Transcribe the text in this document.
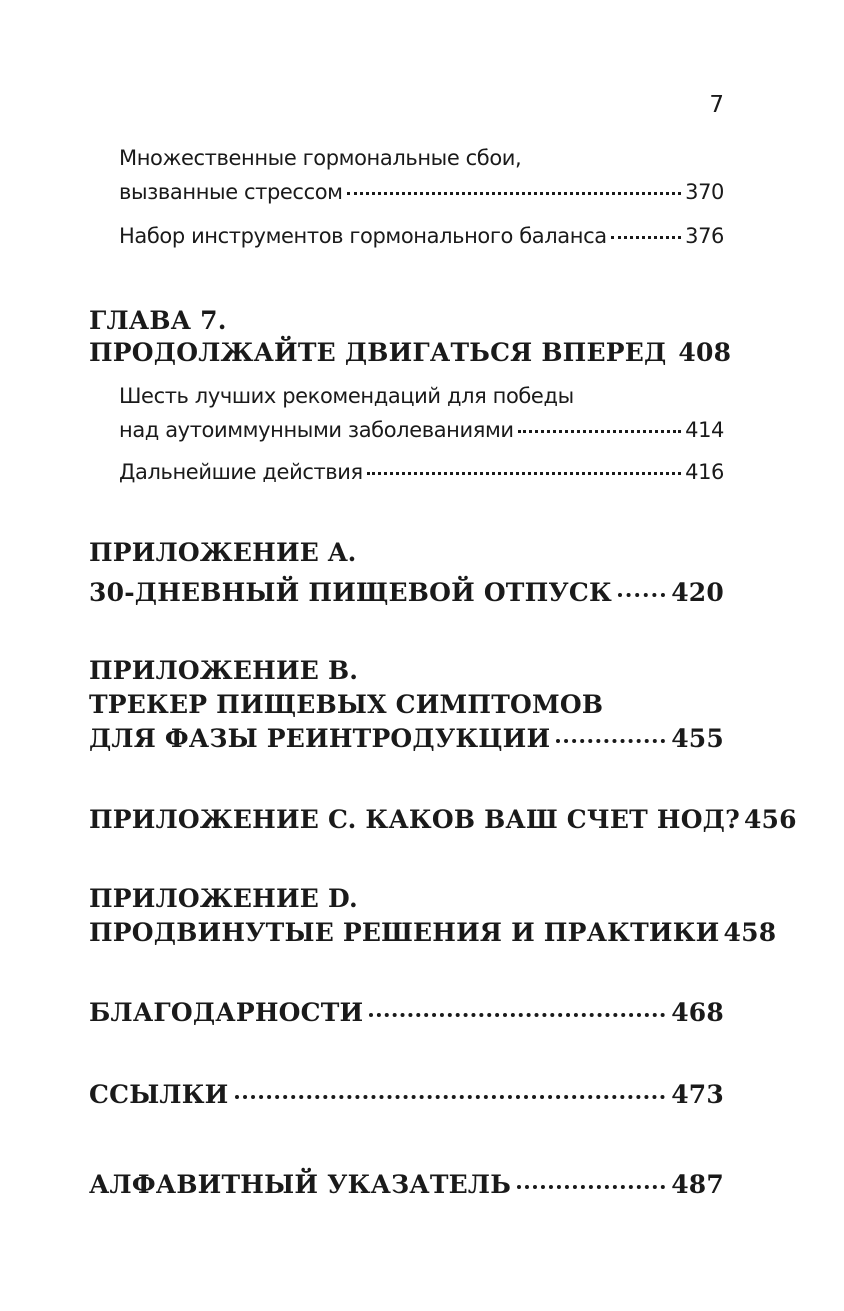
7
Множественные гормональные сбои,
вызванные стрессом	370
Набор инструментов гормонального баланса	376
ГЛАВА 7.
ПРОДОЛЖАЙТЕ ДВИГАТЬСЯ ВПЕРЕД 408
Шесть лучших рекомендаций для победы
над аутоиммунными заболеваниями	414
Дальнейшие действия	416
ПРИЛОЖЕНИЕ A.
30-ДНЕВНЫЙ ПИЩЕВОЙ ОТПУСК 420
ПРИЛОЖЕНИЕ B.
ТРЕКЕР ПИЩЕВЫХ СИМПТОМОВ
ДЛЯ ФАЗЫ РЕИНТРОДУКЦИИ	455
ПРИЛОЖЕНИЕ C. КАКОВ ВАШ СЧЕТ НОД? 456
ПРИЛОЖЕНИЕ D.
ПРОДВИНУТЫЕ РЕШЕНИЯ И ПРАКТИКИ 458
БЛАГОДАРНОСТИ	468
ССЫЛКИ	473
АЛФАВИТНЫЙ УКАЗАТЕЛЬ	487
